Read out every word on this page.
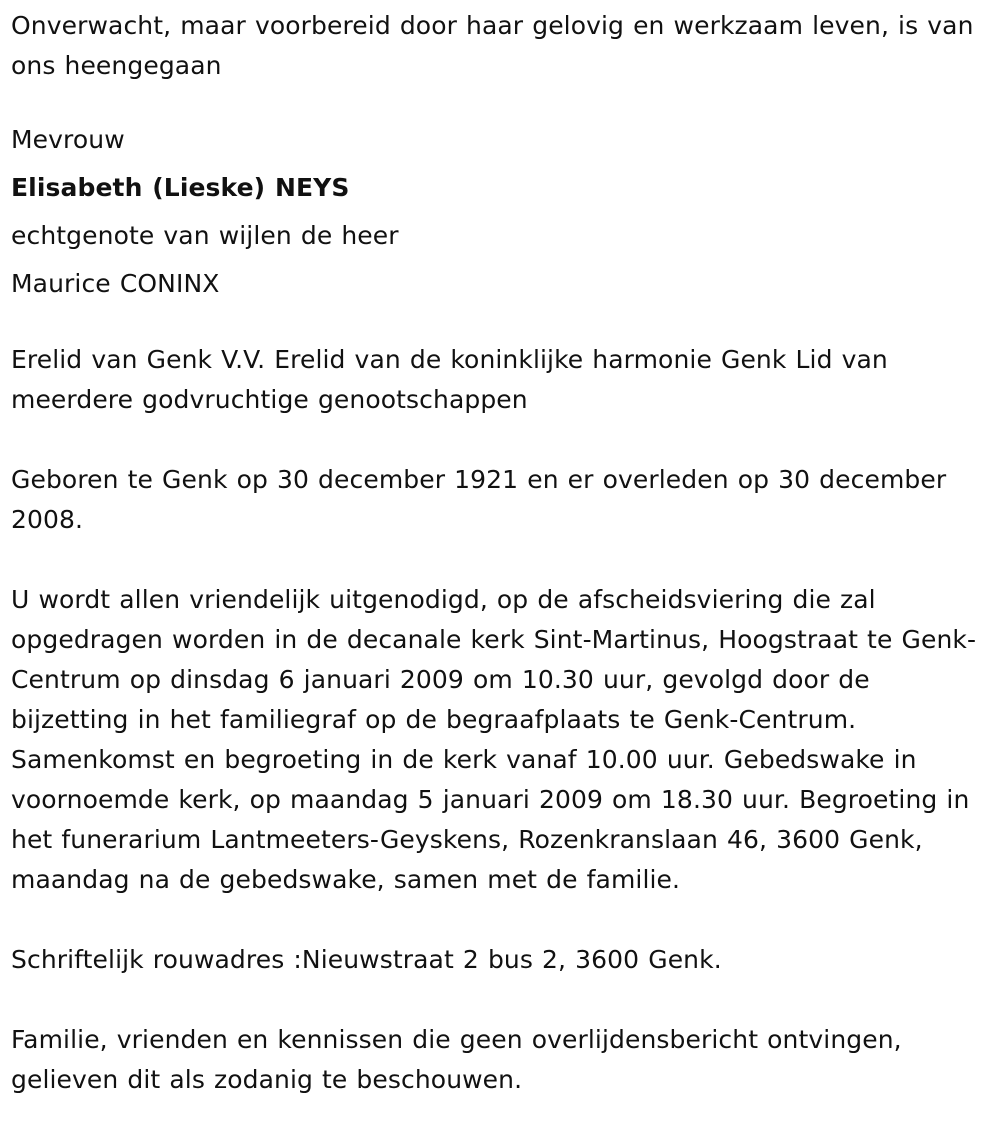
Onverwacht, maar voorbereid door haar gelovig en werkzaam leven, is van ons heengegaan

Mevrouw

Elisabeth (Lieske) NEYS

echtgenote van wijlen de heer

Maurice CONINX

Erelid van Genk V.V. Erelid van de koninklijke harmonie Genk Lid van meerdere godvruchtige genootschappen

Geboren te Genk op 30 december 1921 en er overleden op 30 december 2008.

U wordt allen vriendelijk uitgenodigd, op de afscheidsviering die zal opgedragen worden in de decanale kerk Sint-Martinus, Hoogstraat te Genk-Centrum op dinsdag 6 januari 2009 om 10.30 uur, gevolgd door de bijzetting in het familiegraf op de begraafplaats te Genk-Centrum. Samenkomst en begroeting in de kerk vanaf 10.00 uur. Gebedswake in voornoemde kerk, op maandag 5 januari 2009 om 18.30 uur. Begroeting in het funerarium Lantmeeters-Geyskens, Rozenkranslaan 46, 3600 Genk, maandag na de gebedswake, samen met de familie.

Schriftelijk rouwadres :Nieuwstraat 2 bus 2, 3600 Genk.

Familie, vrienden en kennissen die geen overlijdensbericht ontvingen, gelieven dit als zodanig te beschouwen.
